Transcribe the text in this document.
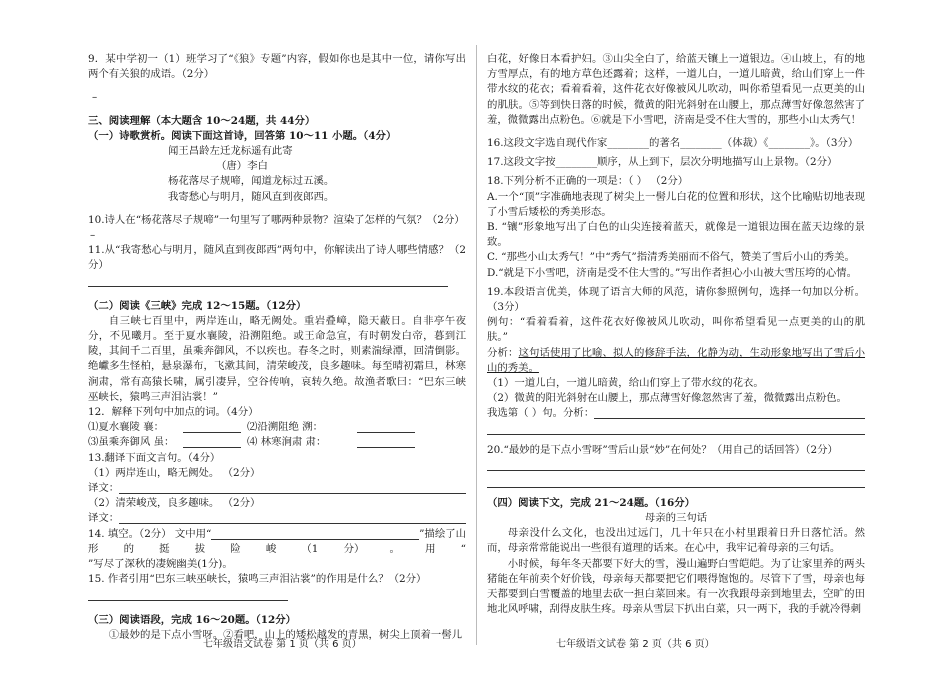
9．某中学初一（1）班学习了“《狼》专题”内容，假如你也是其中一位，请你写出两个有关狼的成语。（2分）

–

三、阅读理解（本大题含 10～24题，共 44分）

（一）诗歌赏析。阅读下面这首诗，回答第 10～11 小题。（4分）

闻王昌龄左迁龙标遥有此寄

（唐）李白

杨花落尽子规啼，闻道龙标过五溪。

我寄愁心与明月，随风直到夜郎西。

10.诗人在“杨花落尽子规啼”一句里写了哪两种景物？渲染了怎样的气氛？（2分）

–

11.从“我寄愁心与明月，随风直到夜郎西”两句中，你解读出了诗人哪些情感？（2分）

（二）阅读《三峡》完成 12～15题。（12分）

自三峡七百里中，两岸连山，略无阙处。重岩叠嶂，隐天蔽日。自非亭午夜分，不见曦月。至于夏水襄陵，沿溯阻绝。或王命急宣，有时朝发白帝，暮到江陵，其间千二百里，虽乘奔御风，不以疾也。春冬之时，则素湍绿潭，回清倒影。绝巘多生怪柏，悬泉瀑布，飞漱其间，清荣峻茂，良多趣味。每至晴初霜旦，林寒涧肃，常有高猿长啸，属引凄异，空谷传响，哀转久绝。故渔者歌曰：“巴东三峡巫峡长，猿鸣三声泪沾裳！”

12．解释下列句中加点的词。（4分）

⑴夏水襄陵 襄：	⑵沿溯阻绝 溯：
⑶虽乘奔御风 虽：	⑷ 林寒涧肃 肃：

13.翻译下面文言句。（4分）

（1）两岸连山，略无阙处。 （2分）

译文：

（2）清荣峻茂，良多趣味。 （2分）

译文：
14. 填空。（2分） 文中用“	”描绘了山
形 的 挺 拔 险 峻 （1 分） 。 用 “

”写尽了深秋的凄婉幽美(1分)。

15. 作者引用“巴东三峡巫峡长，猿鸣三声泪沾裳”的作用是什么？（2分）

（三）阅读语段，完成 16～20题。（12分）

①最妙的是下点小雪呀。②看吧，山上的矮松越发的青黑，树尖上顶着一髻儿

七年级语文试卷 第 1 页（共 6 页）

白花，好像日本看护妇。③山尖全白了，给蓝天镶上一道银边。④山坡上，有的地方雪厚点，有的地方草色还露着；这样，一道儿白，一道儿暗黄，给山们穿上一件带水纹的花衣；看着看着，这件花衣好像被风儿吹动，叫你希望看见一点更美的山的肌肤。⑤等到快日落的时候，微黄的阳光斜射在山腰上，那点薄雪好像忽然害了羞，微微露出点粉色。⑥就是下小雪吧，济南是受不住大雪的，那些小山太秀气！

16.这段文字选自现代作家________的著名________（体裁）《________》。（3分）

17.这段文字按________顺序，从上到下，层次分明地描写山上景物。（2分）

18.下列分析不正确的一项是：（ ） （2分）

A.一个“顶”字准确地表现了树尖上一髻儿白花的位置和形状，这个比喻贴切地表现了小雪后矮松的秀美形态。

B. “镶”形象地写出了白色的山尖连接着蓝天，就像是一道银边围在蓝天边缘的景致。

C. “那些小山太秀气！”中“秀气”指清秀美丽而不俗气，赞美了雪后小山的秀美。

D.“就是下小雪吧，济南是受不住大雪的。”写出作者担心小山被大雪压垮的心情。

19.本段语言优美，体现了语言大师的风范，请你参照例句，选择一句加以分析。（3分）

例句：“看着看着，这件花衣好像被风儿吹动，叫你希望看见一点更美的山的肌肤。”

分析：这句话使用了比喻、拟人的修辞手法，化静为动，生动形象地写出了雪后小山的秀美。

（1）一道儿白，一道儿暗黄，给山们穿上了带水纹的花衣。

（2）微黄的阳光斜射在山腰上，那点薄雪好像忽然害了羞，微微露出点粉色。

我选第（ ）句。分析：

20.“最妙的是下点小雪呀”雪后山景“妙”在何处？（用自己的话回答）（2分）

（四）阅读下文，完成 21～24题。（16分）

母亲的三句话

母亲没什么文化，也没出过远门，几十年只在小村里跟着日升日落忙活。然而，母亲常常能说出一些很有道理的话来。在心中，我牢记着母亲的三句话。

小时候，每年冬天都要下好大的雪，漫山遍野白雪皑皑。为了让家里养的两头猪能在年前卖个好价钱，母亲每天都要把它们喂得饱饱的。尽管下了雪，母亲也每天都要到白雪覆盖的地里去砍一担白菜回来。有一次我跟母亲到地里去，空旷的田地北风呼啸，刮得皮肤生疼。母亲从雪层下扒出白菜，只一两下，我的手就冷得刺

七年级语文试卷 第 2 页（共 6 页）
